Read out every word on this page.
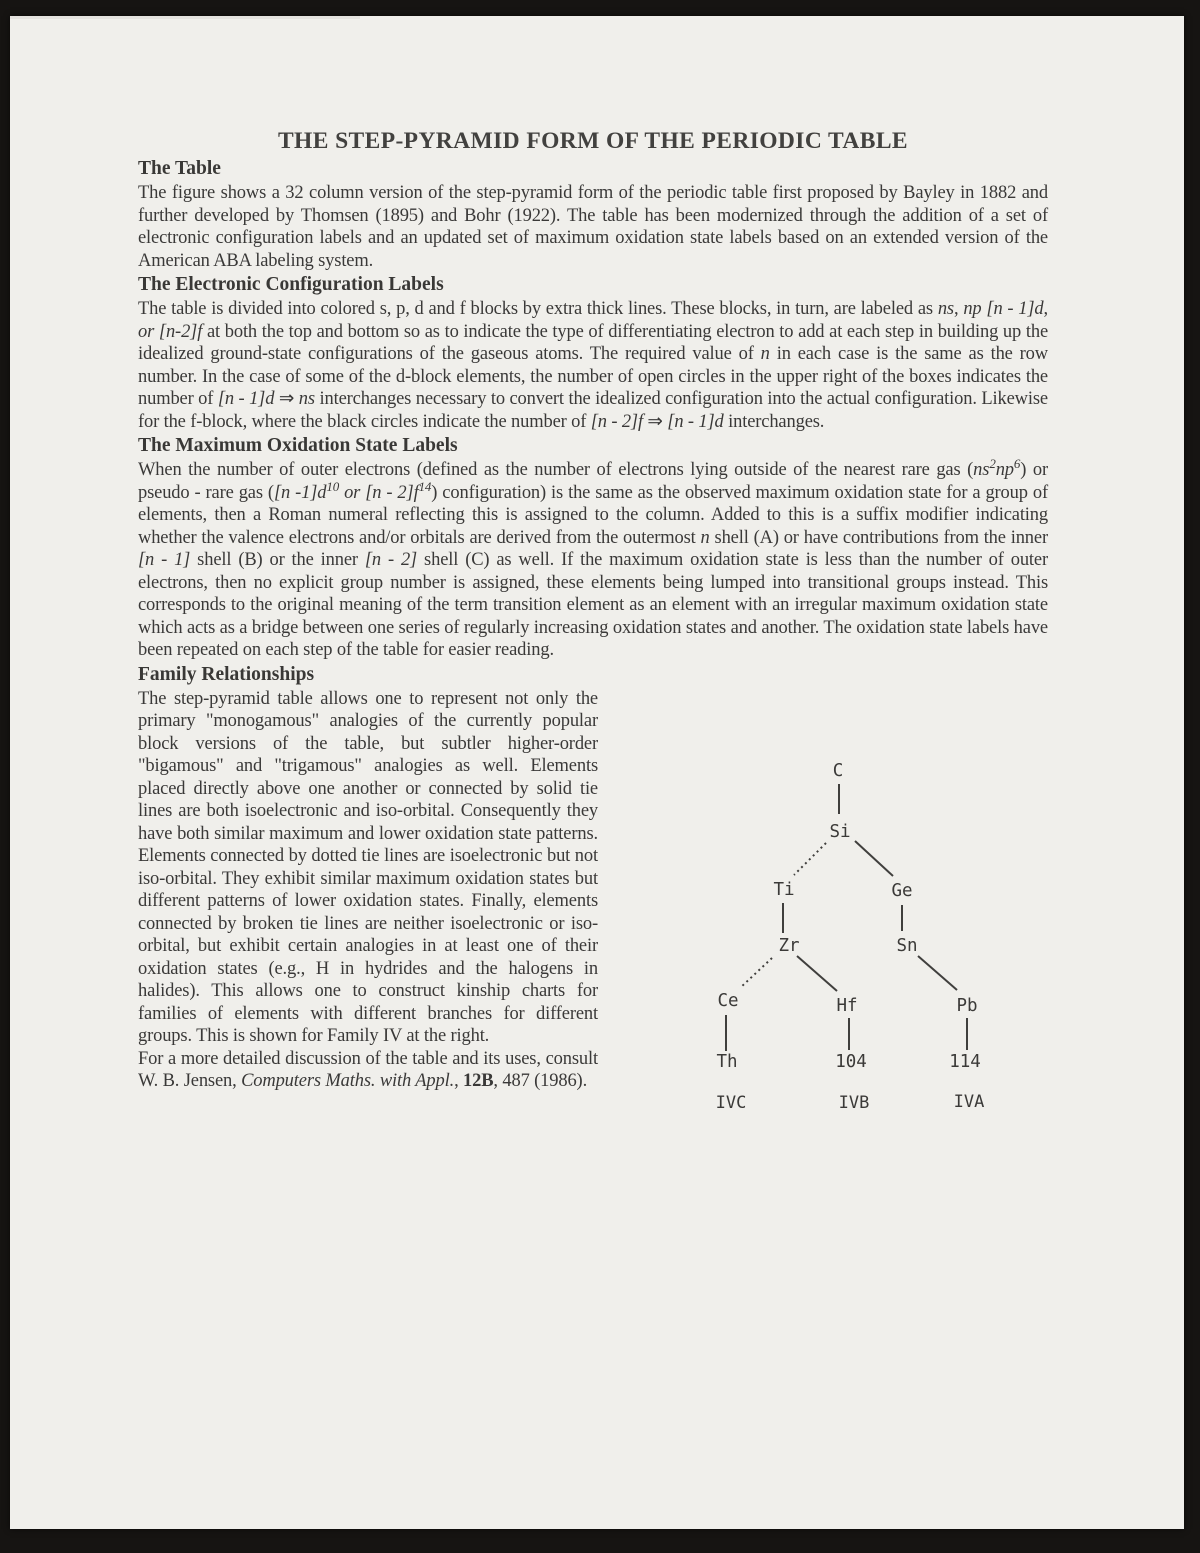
THE STEP-PYRAMID FORM OF THE PERIODIC TABLE
The Table

The figure shows a 32 column version of the step-pyramid form of the periodic table first proposed by Bayley in 1882 and further developed by Thomsen (1895) and Bohr (1922). The table has been modernized through the addition of a set of electronic configuration labels and an updated set of maximum oxidation state labels based on an extended version of the American ABA labeling system.

The Electronic Configuration Labels

The table is divided into colored s, p, d and f blocks by extra thick lines. These blocks, in turn, are labeled as ns, np [n - 1]d, or [n-2]f at both the top and bottom so as to indicate the type of differentiating electron to add at each step in building up the idealized ground-state configurations of the gaseous atoms. The required value of n in each case is the same as the row number. In the case of some of the d-block elements, the number of open circles in the upper right of the boxes indicates the number of [n - 1]d ⇒ ns interchanges necessary to convert the idealized configuration into the actual configuration. Likewise for the f-block, where the black circles indicate the number of [n - 2]f ⇒ [n - 1]d interchanges.

The Maximum Oxidation State Labels

When the number of outer electrons (defined as the number of electrons lying outside of the nearest rare gas $(ns^2np^6)$ or pseudo - rare gas ([n $-1]d^{10}$ or $[n - 2]f^{14}$) configuration) is the same as the observed maximum oxidation state for a group of elements, then a Roman numeral reflecting this is assigned to the column. Added to this is a suffix modifier indicating whether the valence electrons and/or orbitals are derived from the outermost n shell (A) or have contributions from the inner [n - 1] shell (B) or the inner [n - 2] shell (C) as well. If the maximum oxidation state is less than the number of outer electrons, then no explicit group number is assigned, these elements being lumped into transitional groups instead. This corresponds to the original meaning of the term transition element as an element with an irregular maximum oxidation state which acts as a bridge between one series of regularly increasing oxidation states and another. The oxidation state labels have been repeated on each step of the table for easier reading.

Family Relationships
C
Si
Ti	Ge
Zr	Sn
Ce	Hf	Pb
Th	104	114
IVC	IVB	IVA

The step-pyramid table allows one to represent not only the primary "monogamous" analogies of the currently popular block versions of the table, but subtler higher-order "bigamous" and "trigamous" analogies as well. Elements placed directly above one another or connected by solid tie lines are both isoelectronic and iso-orbital. Consequently they have both similar maximum and lower oxidation state patterns. Elements connected by dotted tie lines are isoelectronic but not iso-orbital. They exhibit similar maximum oxidation states but different patterns of lower oxidation states. Finally, elements connected by broken tie lines are neither isoelectronic or iso-orbital, but exhibit certain analogies in at least one of their oxidation states (e.g., H in hydrides and the halogens in halides). This allows one to construct kinship charts for families of elements with different branches for different groups. This is shown for Family IV at the right.

For a more detailed discussion of the table and its uses, consult W. B. Jensen, Computers Maths. with Appl., 12B, 487 (1986).
